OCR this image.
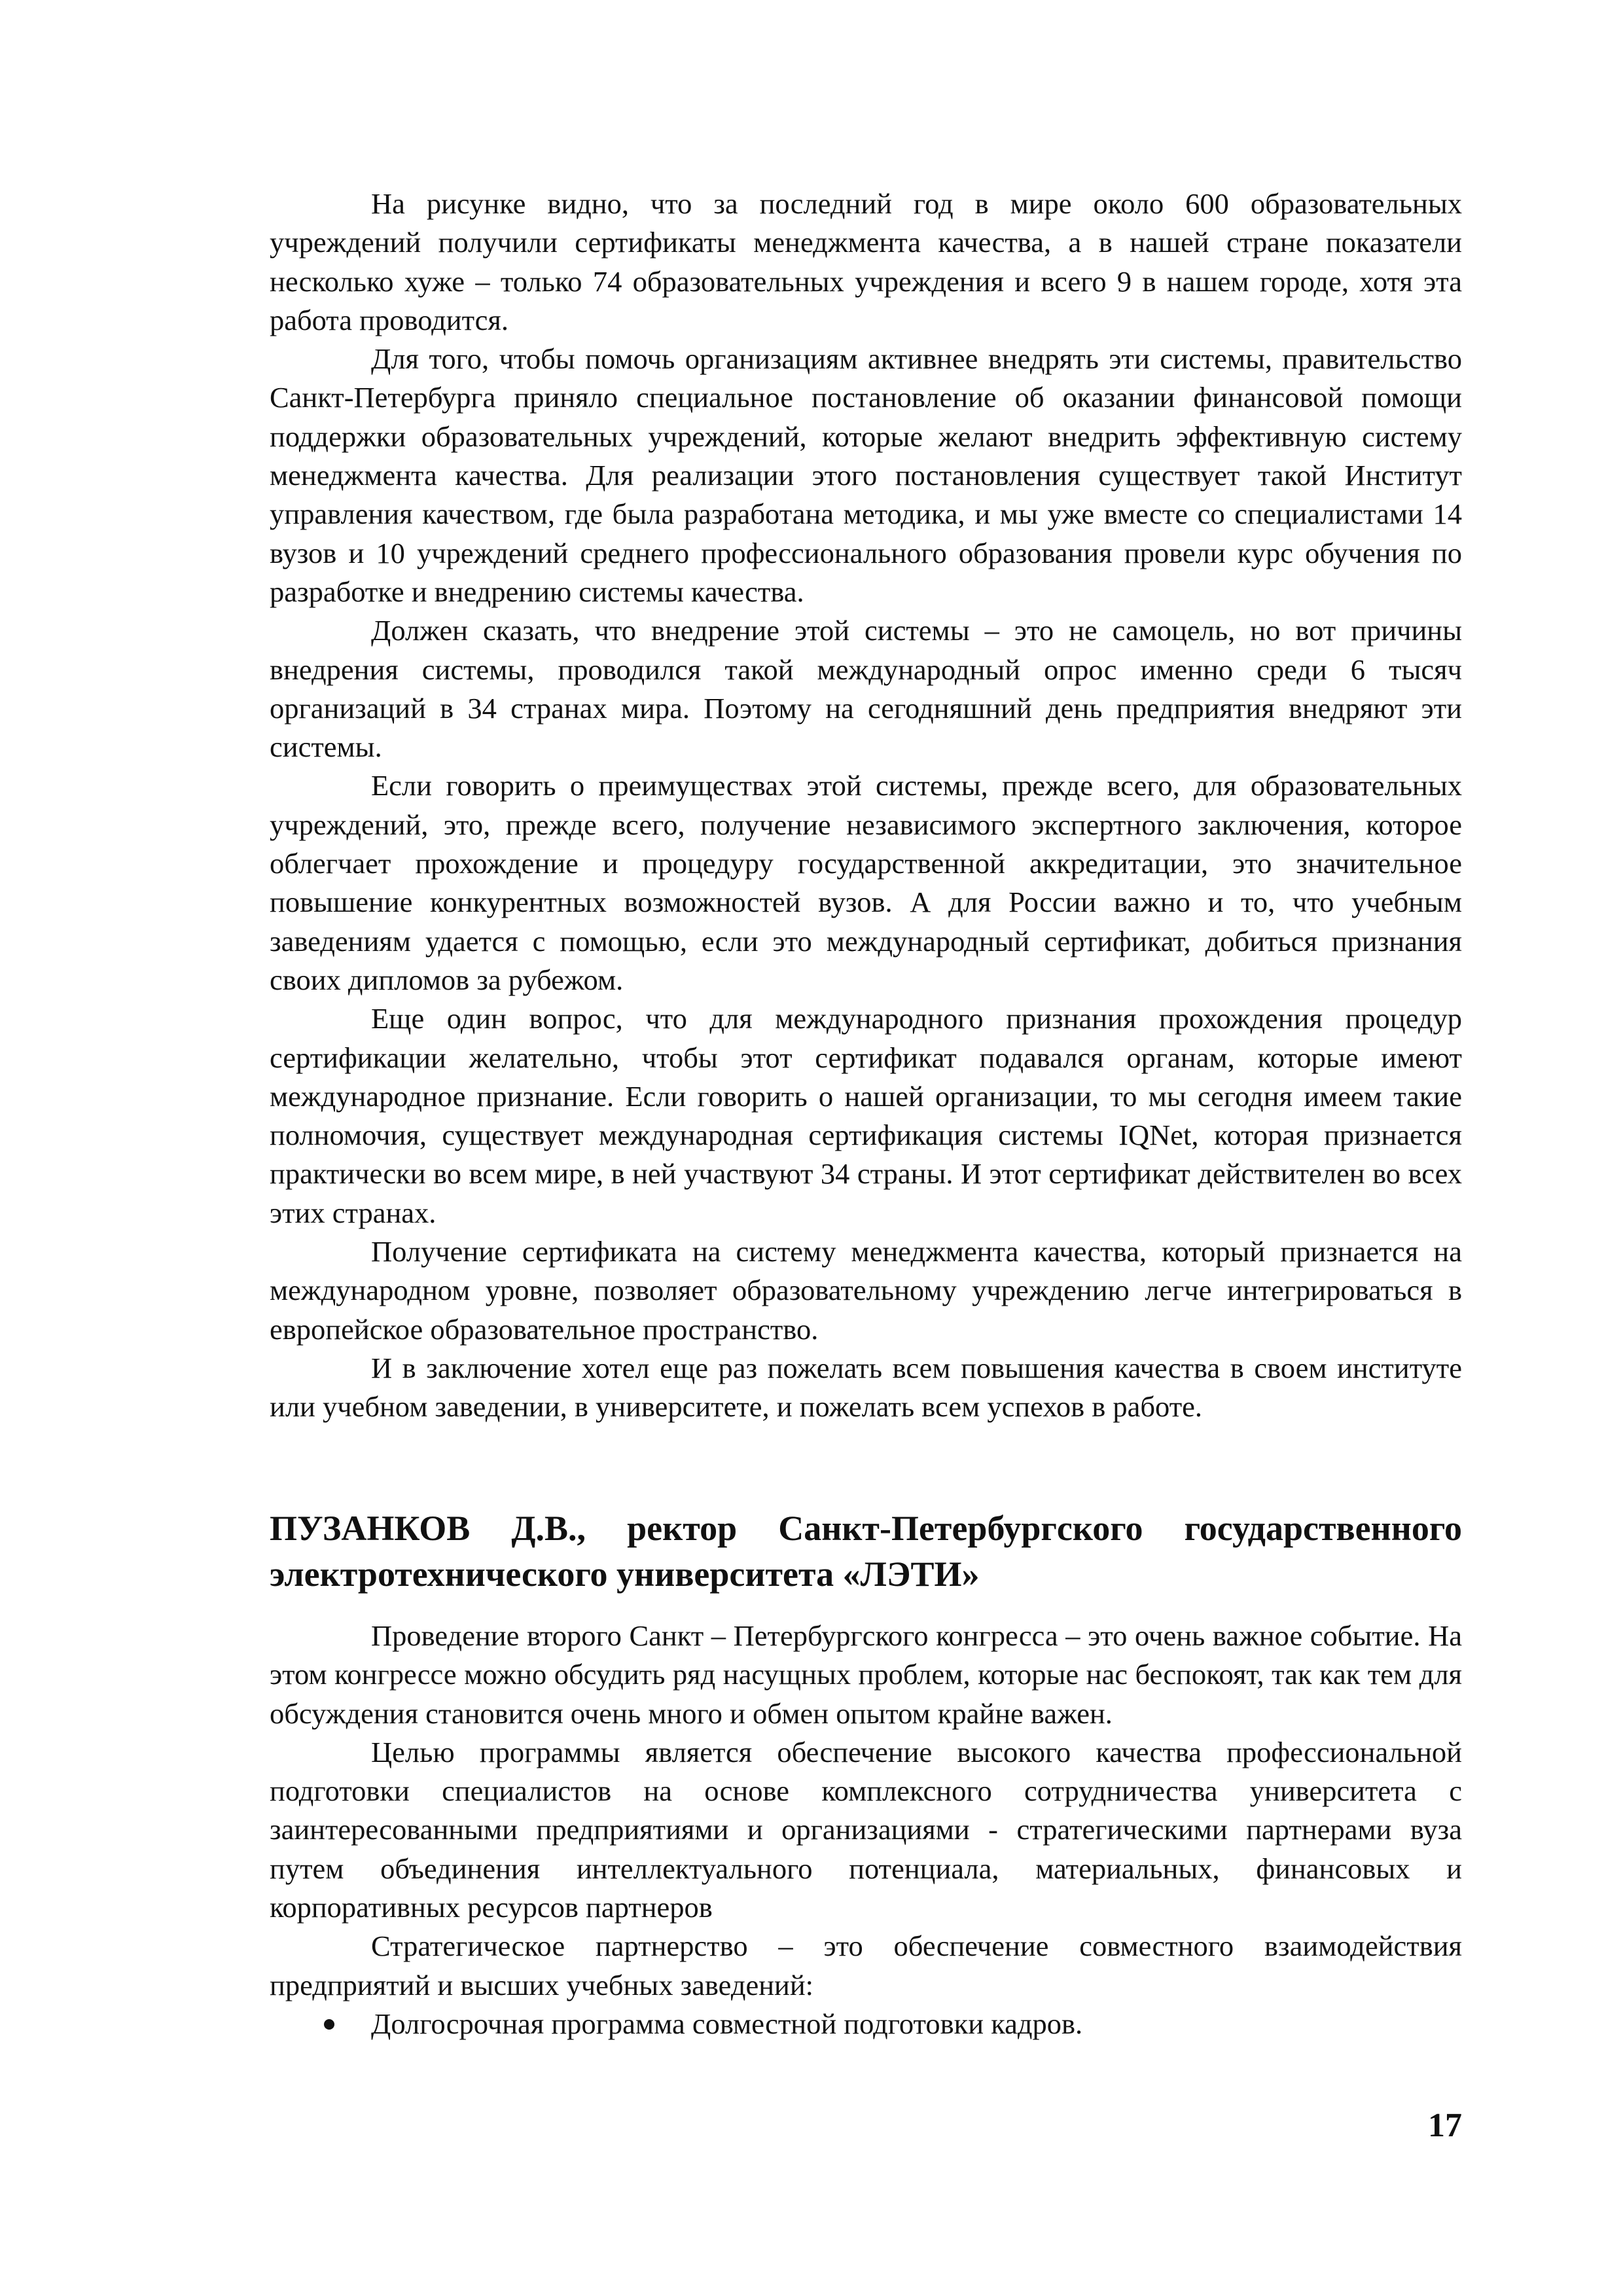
На рисунке видно, что за последний год в мире около 600 образовательных учреждений получили сертификаты менеджмента качества, а в нашей стране показатели несколько хуже – только 74 образовательных учреждения и всего 9 в нашем городе, хотя эта работа проводится.

Для того, чтобы помочь организациям активнее внедрять эти системы, правительство Санкт-Петербурга приняло специальное постановление об оказании финансовой помощи поддержки образовательных учреждений, которые желают внедрить эффективную систему менеджмента качества. Для реализации этого постановления существует такой Институт управления качеством, где была разработана методика, и мы уже вместе со специалистами 14 вузов и 10 учреждений среднего профессионального образования провели курс обучения по разработке и внедрению системы качества.

Должен сказать, что внедрение этой системы – это не самоцель, но вот причины внедрения системы, проводился такой международный опрос именно среди 6 тысяч организаций в 34 странах мира. Поэтому на сегодняшний день предприятия внедряют эти системы.

Если говорить о преимуществах этой системы, прежде всего, для образовательных учреждений, это, прежде всего, получение независимого экспертного заключения, которое облегчает прохождение и процедуру государственной аккредитации, это значительное повышение конкурентных возможностей вузов. А для России важно и то, что учебным заведениям удается с помощью, если это международный сертификат, добиться признания своих дипломов за рубежом.

Еще один вопрос, что для международного признания прохождения процедур сертификации желательно, чтобы этот сертификат подавался органам, которые имеют международное признание. Если говорить о нашей организации, то мы сегодня имеем такие полномочия, существует международная сертификация системы IQNet, которая признается практически во всем мире, в ней участвуют 34 страны. И этот сертификат действителен во всех этих странах.

Получение сертификата на систему менеджмента качества, который признается на международном уровне, позволяет образовательному учреждению легче интегрироваться в европейское образовательное пространство.

И в заключение хотел еще раз пожелать всем повышения качества в своем институте или учебном заведении, в университете, и пожелать всем успехов в работе.

ПУЗАНКОВ Д.В., ректор Санкт-Петербургского государственного электротехнического университета «ЛЭТИ»

Проведение второго Санкт – Петербургского конгресса – это очень важное событие. На этом конгрессе можно обсудить ряд насущных проблем, которые нас беспокоят, так как тем для обсуждения становится очень много и обмен опытом крайне важен.

Целью программы является обеспечение высокого качества профессиональной подготовки специалистов на основе комплексного сотрудничества университета с заинтересованными предприятиями и организациями - стратегическими партнерами вуза путем объединения интеллектуального потенциала, материальных, финансовых и корпоративных ресурсов партнеров

Стратегическое партнерство – это обеспечение совместного взаимодействия предприятий и высших учебных заведений:

Долгосрочная программа совместной подготовки кадров.
17
